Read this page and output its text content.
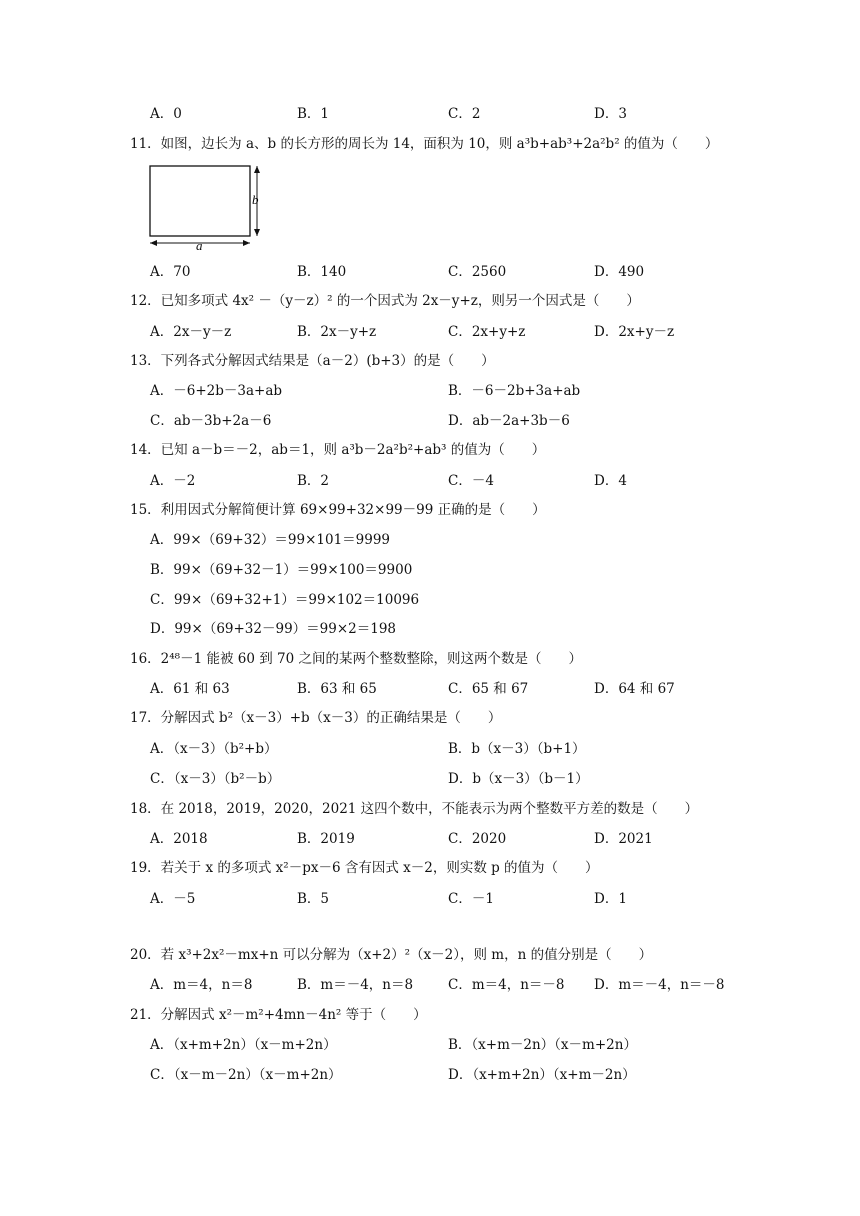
A．0	B．1	C．2	D．3
11．如图，边长为 a、b 的长方形的周长为 14，面积为 10，则 a³b+ab³+2a²b² 的值为（　　）
b
a
A．70	B．140	C．2560	D．490
12．已知多项式 4x² －（y－z）² 的一个因式为 2x－y+z，则另一个因式是（　　）
A．2x－y－z	B．2x－y+z	C．2x+y+z	D．2x+y－z
13．下列各式分解因式结果是（a－2）(b+3）的是（　　）
A．－6+2b－3a+ab	B．－6－2b+3a+ab
C．ab－3b+2a－6	D．ab－2a+3b－6
14．已知 a－b＝－2，ab＝1，则 a³b－2a²b²+ab³ 的值为（　　）
A．－2	B．2	C．－4	D．4
15．利用因式分解简便计算 69×99+32×99－99 正确的是（　　）
A．99×（69+32）＝99×101＝9999
B．99×（69+32－1）＝99×100＝9900
C．99×（69+32+1）＝99×102＝10096
D．99×（69+32－99）＝99×2＝198
16．2⁴⁸－1 能被 60 到 70 之间的某两个整数整除，则这两个数是（　　）
A．61 和 63	B．63 和 65	C．65 和 67	D．64 和 67
17．分解因式 b²（x－3）+b（x－3）的正确结果是（　　）
A．（x－3）（b²+b）	B．b（x－3）（b+1）
C．（x－3）（b²－b）	D．b（x－3）（b－1）
18．在 2018，2019，2020，2021 这四个数中，不能表示为两个整数平方差的数是（　　）
A．2018	B．2019	C．2020	D．2021
19．若关于 x 的多项式 x²－px－6 含有因式 x－2，则实数 p 的值为（　　）
A．－5	B．5	C．－1	D．1
20．若 x³+2x²－mx+n 可以分解为（x+2）²（x－2），则 m，n 的值分别是（　　）
A．m＝4，n＝8	B．m＝－4，n＝8	C．m＝4，n＝－8 D．m＝－4，n＝－8
21．分解因式 x²－m²+4mn－4n² 等于（　　）
A．（x+m+2n）（x－m+2n）	B．（x+m－2n）（x－m+2n）
C．（x－m－2n）（x－m+2n）	D．（x+m+2n）（x+m－2n）
